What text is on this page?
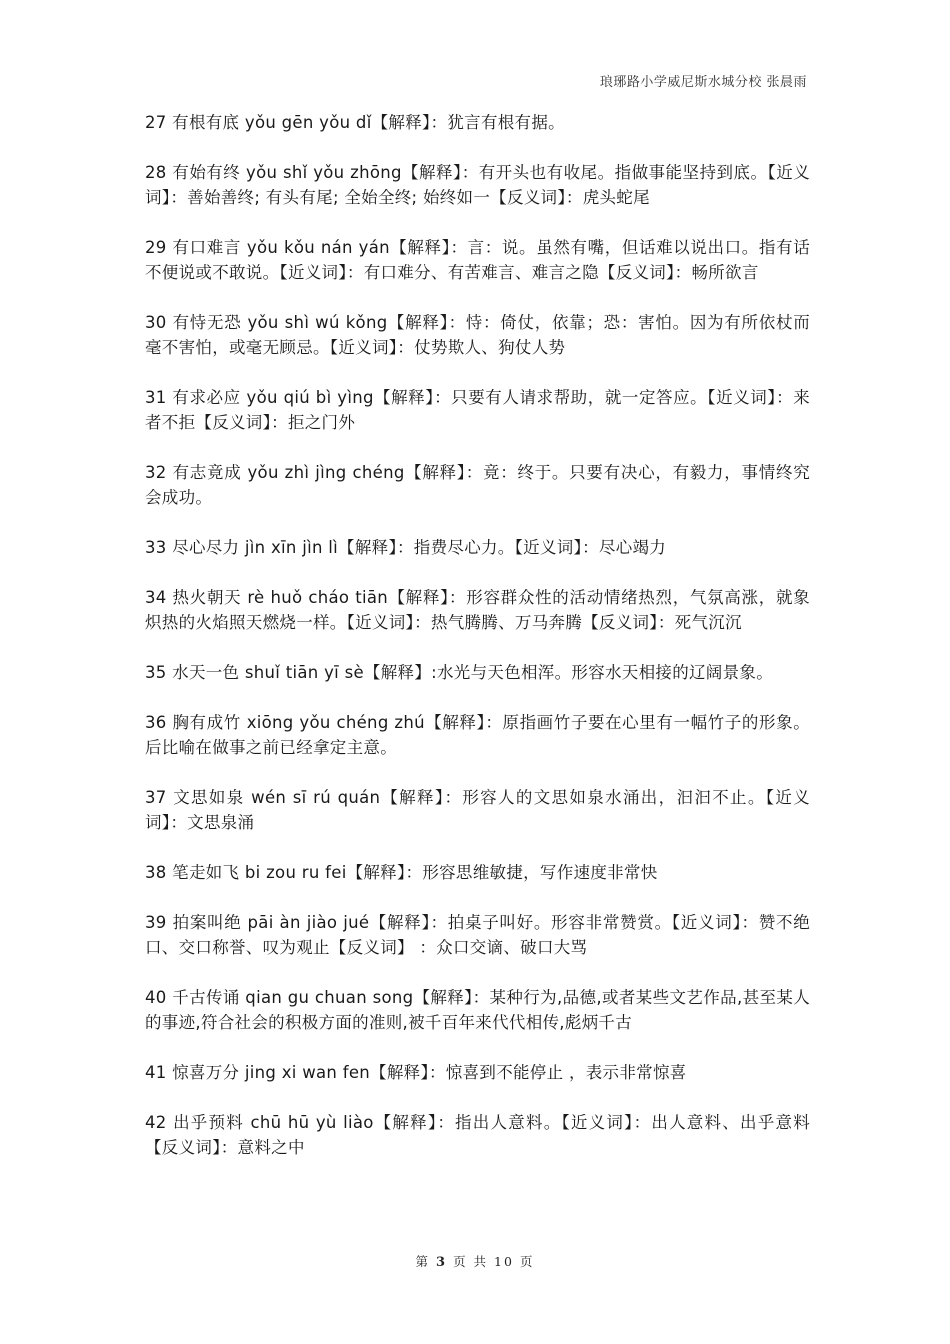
琅琊路小学威尼斯水城分校 张晨雨

27 有根有底 yǒu gēn yǒu dǐ【解释】：犹言有根有据。

28 有始有终 yǒu shǐ yǒu zhōng【解释】：有开头也有收尾。指做事能坚持到底。【近义词】：善始善终; 有头有尾; 全始全终; 始终如一【反义词】：虎头蛇尾

29 有口难言 yǒu kǒu nán yán【解释】：言：说。虽然有嘴，但话难以说出口。指有话不便说或不敢说。【近义词】：有口难分、有苦难言、难言之隐【反义词】：畅所欲言

30 有恃无恐 yǒu shì wú kǒng【解释】：恃：倚仗，依靠；恐：害怕。因为有所依杖而毫不害怕，或毫无顾忌。【近义词】：仗势欺人、狗仗人势

31 有求必应 yǒu qiú bì yìng【解释】：只要有人请求帮助，就一定答应。【近义词】：来者不拒【反义词】：拒之门外

32 有志竟成 yǒu zhì jìng chéng【解释】：竟：终于。只要有决心，有毅力，事情终究会成功。

33 尽心尽力 jìn xīn jìn lì【解释】：指费尽心力。【近义词】：尽心竭力

34 热火朝天 rè huǒ cháo tiān【解释】：形容群众性的活动情绪热烈，气氛高涨，就象炽热的火焰照天燃烧一样。【近义词】：热气腾腾、万马奔腾【反义词】：死气沉沉

35 水天一色 shuǐ tiān yī sè【解释】:水光与天色相浑。形容水天相接的辽阔景象。

36 胸有成竹 xiōng yǒu chéng zhú【解释】：原指画竹子要在心里有一幅竹子的形象。后比喻在做事之前已经拿定主意。

37 文思如泉 wén sī rú quán【解释】：形容人的文思如泉水涌出，汩汩不止。【近义词】：文思泉涌

38 笔走如飞 bi zou ru fei【解释】：形容思维敏捷，写作速度非常快

39 拍案叫绝 pāi àn jiào jué【解释】：拍桌子叫好。形容非常赞赏。【近义词】：赞不绝口、交口称誉、叹为观止【反义词】 ：众口交谪、破口大骂

40 千古传诵 qian gu chuan song【解释】：某种行为,品德,或者某些文艺作品,甚至某人的事迹,符合社会的积极方面的准则,被千百年来代代相传,彪炳千古

41 惊喜万分 jing xi wan fen【解释】：惊喜到不能停止 ，表示非常惊喜

42 出乎预料 chū hū yù liào【解释】：指出人意料。【近义词】：出人意料、出乎意料【反义词】：意料之中

第 3 页 共 10 页
